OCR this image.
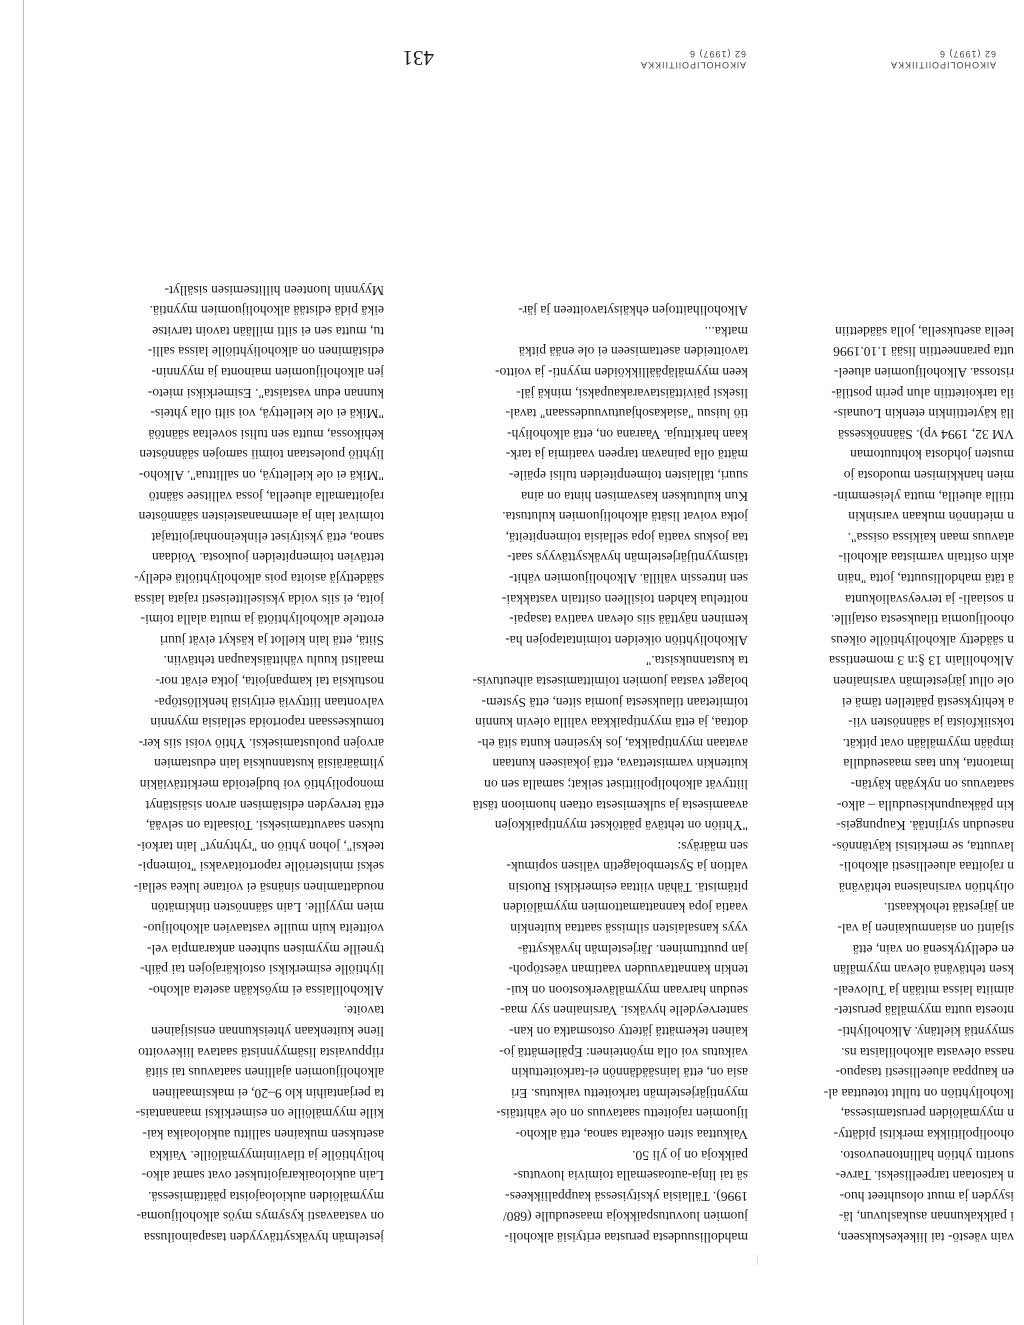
vain väestö- tai liikekeskukseen,
i paikkakunnan asukasluvun, lä-
isyyden ja muut olosuhteet huo-
n katsotaan tarpeelliseksi. Tarve-
suorittı yhtiön hallintoneuvosto.
ohoolipolitiikka merkitsi pidätty-
n myymälöiden perustamisessa,
lkoholiyhtiön on tullut toteuttaa al-
en kauppaa alueellisesti tasapuo-
nassa olevasta alkoholilaista ns.
smyyntiä kieltäny. Alkoholiyhti-
ntoesta uutta myymälää perustet-
aimiita laissa mitään ja Tuloveal-
ksen tehtävänä olevan myymälän
en edellytyksenä on vain, että
sijainti on asianmukainen ja val-
an järjestää tehokkaasti.
olıyhtiön varsinaisena tehtävänä
n rajoittaa alueellisesti alkoholi-
lavuutta, se merkitsisi käytännös-
naseudun syrjintää. Kaupungeis-
kin pääkaupunkiseudulla – alko-
saatavuus on nykyään käytän-
lmatonta, kun taas maaseudulla
impään myymälään ovat pitkät.
toksiikfoista ja säännösten vii-
a kehityksestä päätellen tämä ei
ole ollut järjestelmän varsinainen
Alkoholilain 13 §:n 3 momentissa
n säädetty alkoholiyhtiölle oikeus
ohoolijuomia tilauksesta ostajille.
n sosiaali- ja terveysvaliokunta
ä tätä mahdollisuutta, jotta "näin
akin osittain varmistaa alkoholi-
atavuus maan kaikissa osissa".
n mietinnön mukaan varsinkin
ttiilla alueilla, mutta yleisemmin-
mien hankkimisen muodosta jo
musten johdosta kohtuutoman
VM 32, 1994 vp). Säännöksessä
llä käytettiinkin etenkin Lounais-
ila tarkoitettiin alun perin postilä-
ristossa. Alkoholijuomien alueel-
utta paranneettiin lisää 1.10.1996
leella asetuksella, jolla säädettiin
mahdollisuudesta perustaa erityisiä alkoholi-
juomien luovutuspaikkoja maaseudulle (680/
1996). Tällaisia yksityisessä kauppaliikkees-
sä tai linja-autoasemalla toimivia luovutus-
paikkoja on jo yli 50.
Vaikuttaa siten oikealta sanoa, että alkoho-
lijuomien rajoitettu saatavuus on ole vähittäis-
myyntijärjestelmän tarkoitettu vaikutus. Eri
asia on, että lainsäädännön ei-tarkoitettukin
vaikutus voi olla myönteinen: Epäilemättä jo-
kainen tekemättä jätetty ostosmatka on kan-
santerveydelle hyväksi. Varsinainen syy maa-
seudun harvaan myymäläverkostoon on kui-
tenkin kannattavuuden vaatiman väestöpoh-
jan puuttuminen. Järjestelmän hyväksyttä-
vyys kansalaisten silmissä saattaa kuitenkin
vaatia jopa kannattamattomien myymälöiden
pitämistä. Tähän viittaa esimerkiksi Ruotsin
valtion ja Systembolagetin välisen sopimuk-
sen määräys:
"Yhtiön on tehtävä päätökset myyntipaikkojen
avaamisesta ja sulkemisesta ottaen huomioon tästä
liittyvät alkoholipoliittiset seikat; samalla sen on
kuitenkin varmistettava, että jokaiseen kuntaan
avataan myyntipaikka, jos kyseinen kunta sitä eh-
dottaa, ja että myyntipaikkaa valilla olevin kunnin
toimitetaan tilauksesta juomia siten, että System-
bolaget vastaa juomien toimittamisesta aiheutuvis-
ta kustannuksista."
Alkoholiyhtiön oikeiden toimintatapojen ha-
keminen näyttää siis olevan vaativa tasapai-
noittelua kahden toisilleen osittain vastakkai-
sen intressin välillä. Alkoholijuomien vähit-
täismyyntijärjestelmän hyväksyttävyys saat-
taa joskus vaatia jopa sellaisia toimenpiteitä,
jotka voivat lisätä alkoholijuomien kulutusta.
Kun kulutuksen kasvamisen hinta on aina
suuri, tällaisten toimenpiteiden tulisi epäile-
mättä olla painavan tarpeen vaatimia ja tark-
kaan harkittuja. Vaarana on, että alkoholiyh-
tiö luisuu "asiakasohjautuvuudessaan" taval-
liseksi päivittäistavarakaupaksi, minkä jäl-
keen myymäläpäällikköiden myynti- ja voitto-
tavoitteiden asettamiseen ei ole enää pitkä
matka...
Alkoholihaittojen ehkäisytavoitteen ja jär-
jestelmän hyväksyttävyyden tasapainoilussa
on vastaavasti kysymys myös alkoholijuoma-
myymälöiden aukioloajoista päättämisessä.
Lain aukioloaikarajoitukset ovat samat alko-
holiyhtiölle ja tilaviinimyymälöille. Vaikka
asetuksen mukainen sallittu aukioloaika kai-
kille myymälöille on esimerkiksi maanantais-
ta perjantaihin klo 9–20, ei maksimaalinen
alkoholijuomien ajallinen saatavuus tai siitä
riippuvaista lisämyynnistä saatava liikevoitto
liene kuitenkaan yhteiskunnan ensisijainen
tavoite.
Alkoholilaissa ei myöskään aseteta alkoho-
liyhtiölle esimerkiksi ostoikärajojen tai päih-
tyneille myymisen suhteen ankarampia vel-
voitteita kuin muille vastaavien alkoholijuo-
mien myyjille. Lain säännösten tinkimätön
noudattaminen sinänsä ei voitane lukea sellai-
seksi ministeriölle raportoitavaksi "toimenpi-
teeksi", johon yhtiö on "ryhtynyt" lain tarkoi-
tuksen saavuttamiseksi. Toisaalta on selvää,
että terveyden edistämisen arvon sisäistänyt
monopoliyhtiö voi budjetoida merkittäviäkin
ylimääräisiä kustannuksia lain edustamien
arvojen puolustamiseksi. Yhtiö voisi siis ker-
tomuksessaan raportoida sellaisia myynnin
valvontaan liittyviä erityisiä henkilöstöpa-
nostuksia tai kampanjoita, jotka eivät nor-
maalisti kuulu vähittäiskaupan tehtäviin.
Siitä, että lain kiellot ja käskyt eivät juuri
erottele alkoholiyhtiötä ja muita alalla toimi-
joita, ei siis voida yksiselitteisesti rajata laissa
säädettyjä asioita pois alkoholiyhtiöltä edelly-
tettävien toimenpiteiden joukosta. Voidaan
sanoa, että yksityiset elinkeinonharjoittajat
toimivat lain ja alemmanasteisten säännösten
rajoittamalla alueella, jossa vallitsee sääntö
"Mikä ei ole kiellettyä, on sallittua". Alkoho-
liyhtiö puolestaan toimii samojen säännösten
kehikossa, mutta sen tulisi soveltaa sääntöä
"Mikä ei ole kiellettyä, voi silti olla yhteis-
kunnan edun vastaista". Esimerkiksi mieto-
jen alkoholijuomien mainonta ja myynnin-
edistäminen on alkoholiyhtiölle laissa salli-
tu, mutta sen ei silti millään tavoin tarvitse
eikä pidä edistää alkoholijuomien myyntiä.
Myynnin luonteen hillitsemisen sisällyt-
AlKOHOLIPOlITIIKKA
62 (1997) 6
AlKOHOLIPOlITIIKKA
62 (1997) 6
431
